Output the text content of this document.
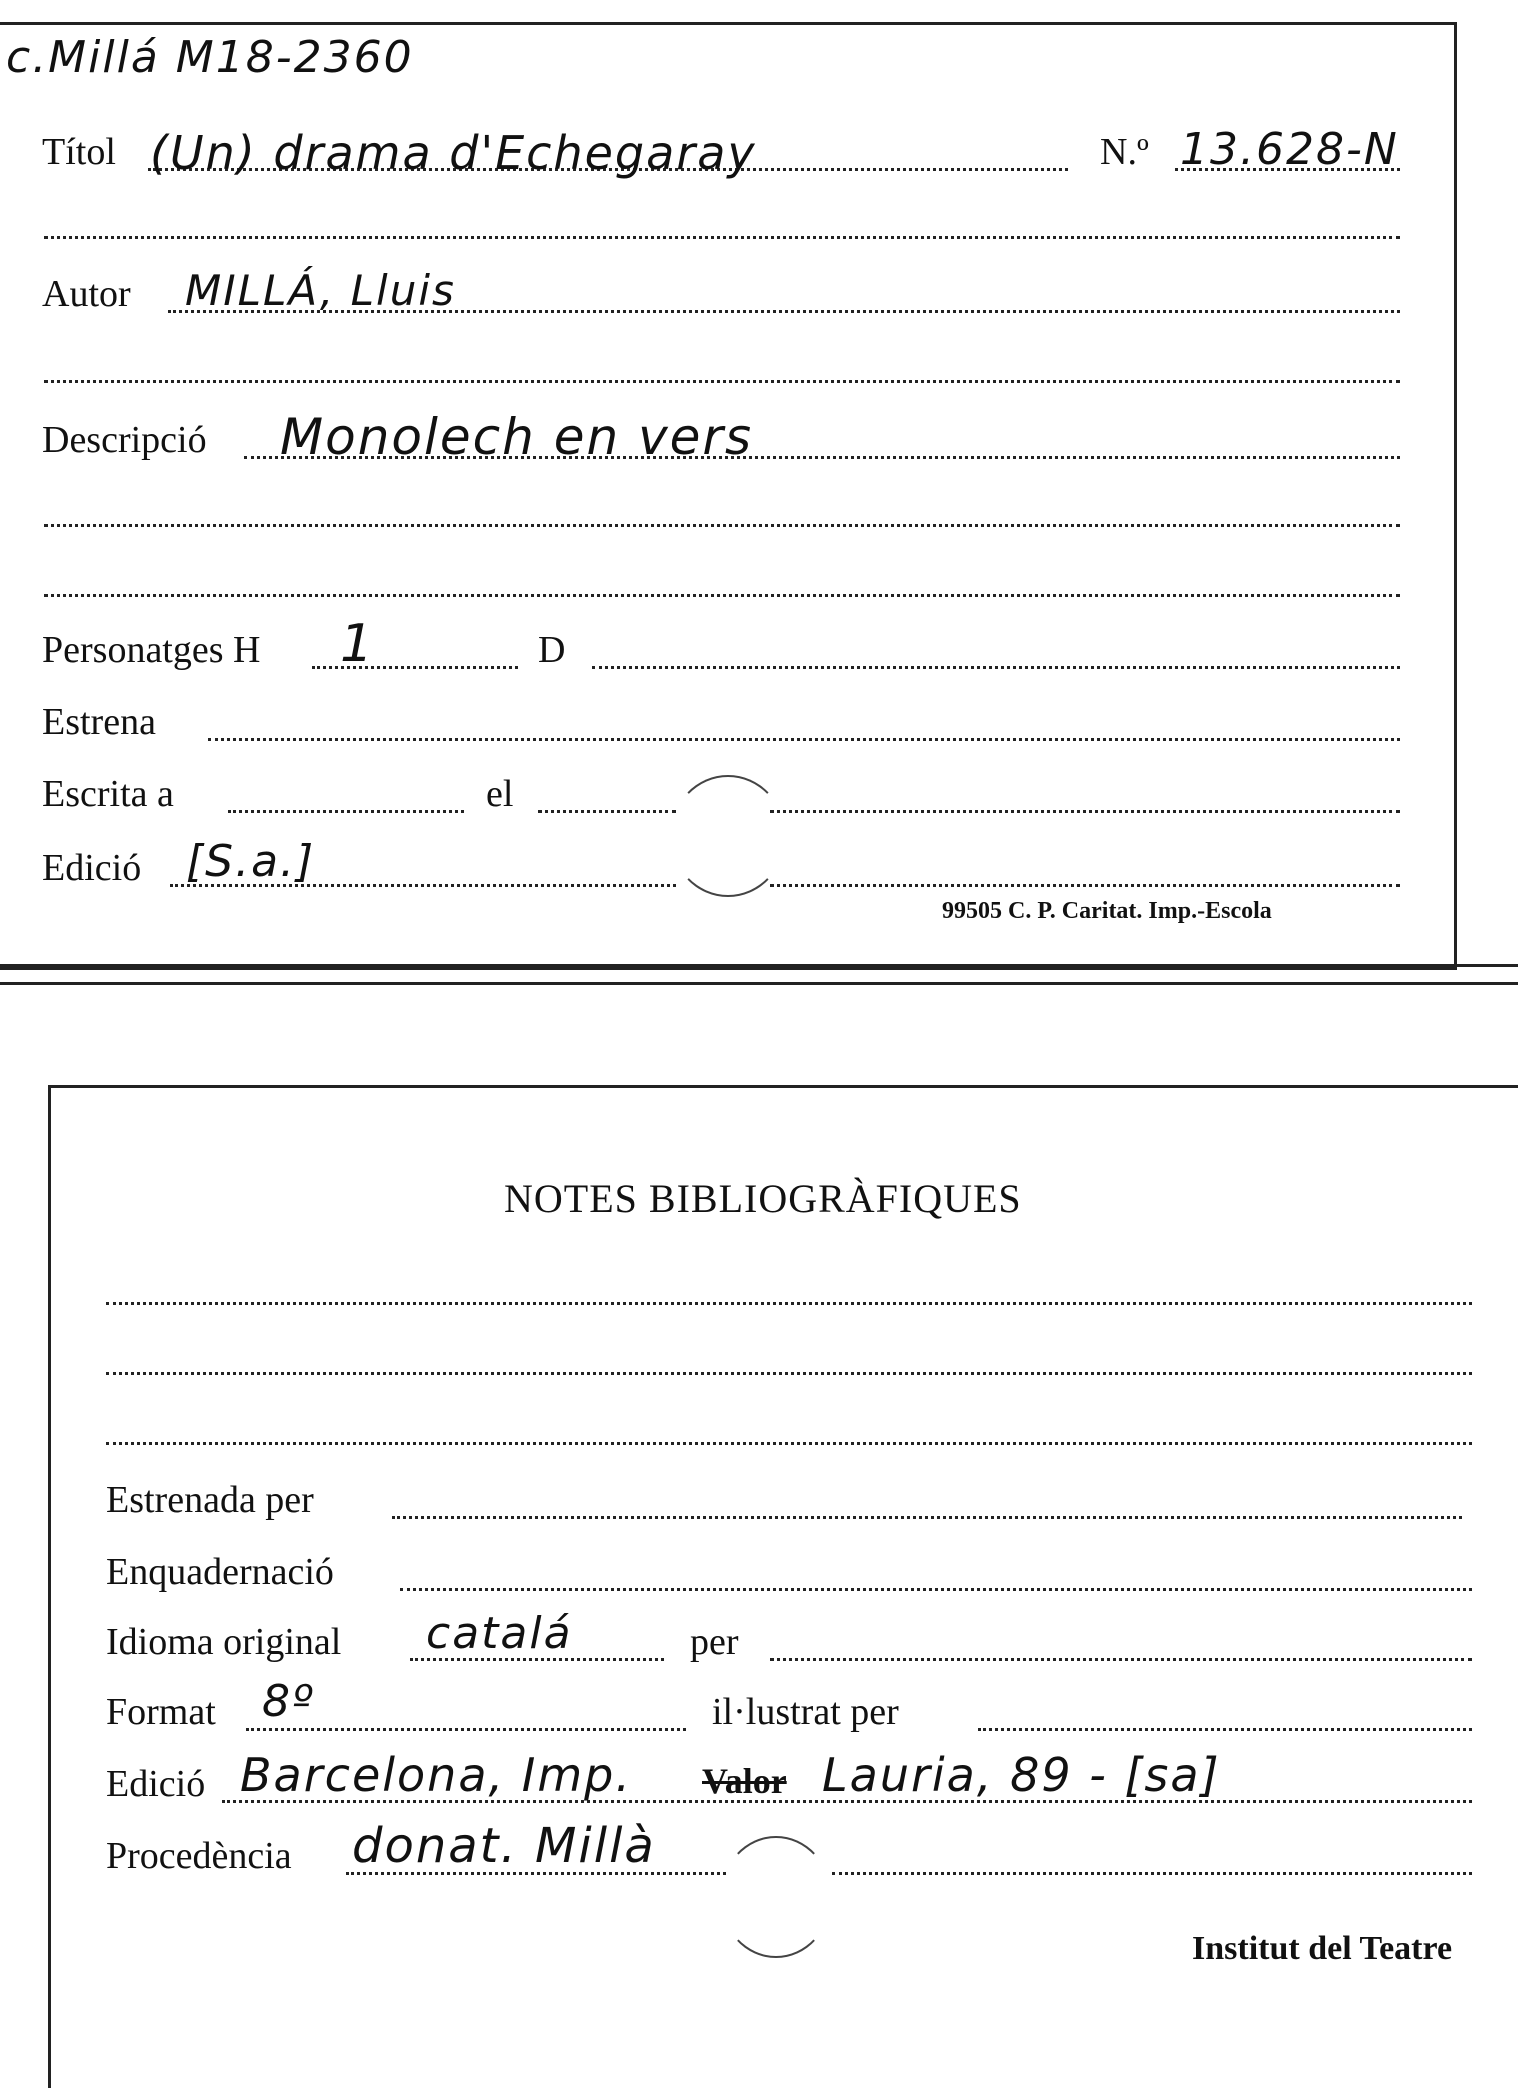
c.Millá M18-2360
Títol (Un) drama d'Echegaray	N.º 13.628-N
Autor MILLÁ, Lluis
Descripció Monolech en vers
Personatges H 1	D
Estrena
Escrita a	el
Edició [S.a.]
99505 C. P. Caritat. Imp.-Escola
NOTES BIBLIOGRÀFIQUES
Estrenada per
Enquadernació
Idioma original catalá	per
Format 8º	il·lustrat per
Edició Barcelona, Imp. Valor Lauria, 89 - [sa]
Procedència donat. Millà
Institut del Teatre
